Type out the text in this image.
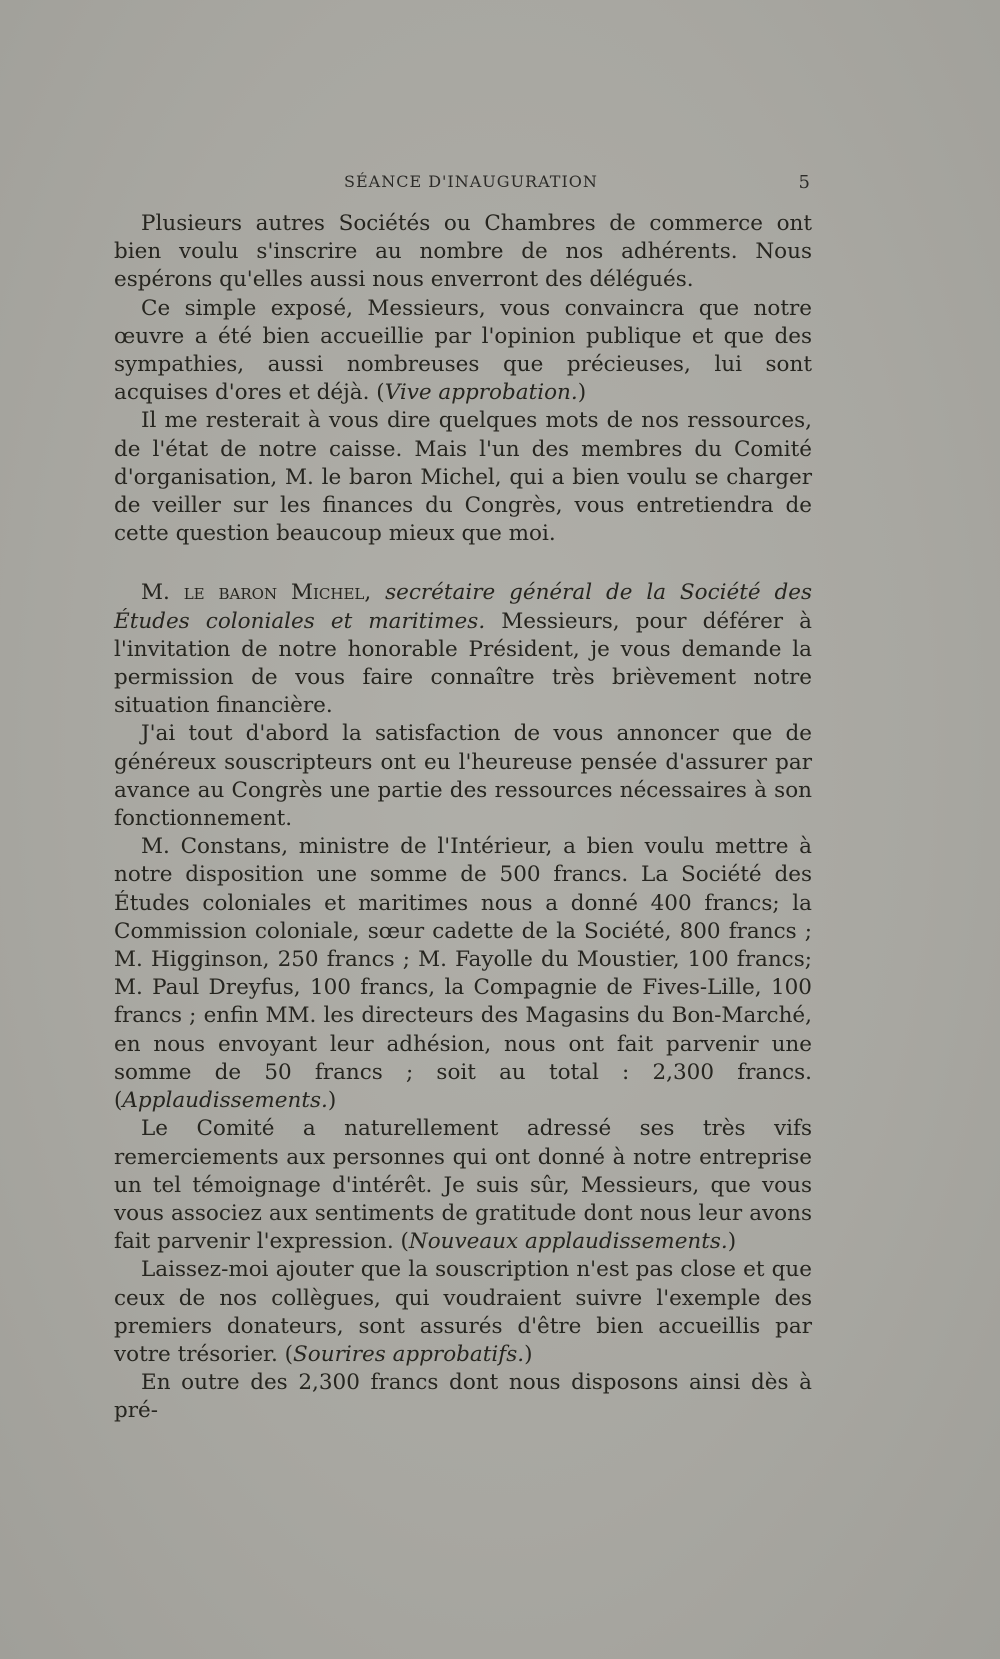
SÉANCE D'INAUGURATION	5

Plusieurs autres Sociétés ou Chambres de commerce ont bien voulu s'inscrire au nombre de nos adhérents. Nous espérons qu'elles aussi nous enverront des délégués.

Ce simple exposé, Messieurs, vous convaincra que notre œuvre a été bien accueillie par l'opinion publique et que des sympathies, aussi nombreuses que précieuses, lui sont acquises d'ores et déjà. (Vive approbation.)

Il me resterait à vous dire quelques mots de nos ressources, de l'état de notre caisse. Mais l'un des membres du Comité d'organisation, M. le baron Michel, qui a bien voulu se charger de veiller sur les finances du Congrès, vous entretiendra de cette question beaucoup mieux que moi.

M. le baron Michel, secrétaire général de la Société des Études coloniales et maritimes. Messieurs, pour déférer à l'invitation de notre honorable Président, je vous demande la permission de vous faire connaître très brièvement notre situation financière.

J'ai tout d'abord la satisfaction de vous annoncer que de généreux souscripteurs ont eu l'heureuse pensée d'assurer par avance au Congrès une partie des ressources nécessaires à son fonctionnement.

M. Constans, ministre de l'Intérieur, a bien voulu mettre à notre disposition une somme de 500 francs. La Société des Études coloniales et maritimes nous a donné 400 francs; la Commission coloniale, sœur cadette de la Société, 800 francs ; M. Higginson, 250 francs ; M. Fayolle du Moustier, 100 francs; M. Paul Dreyfus, 100 francs, la Compagnie de Fives-Lille, 100 francs ; enfin MM. les directeurs des Magasins du Bon-Marché, en nous envoyant leur adhésion, nous ont fait parvenir une somme de 50 francs ; soit au total : 2,300 francs. (Applaudissements.)

Le Comité a naturellement adressé ses très vifs remerciements aux personnes qui ont donné à notre entreprise un tel témoignage d'intérêt. Je suis sûr, Messieurs, que vous vous associez aux sentiments de gratitude dont nous leur avons fait parvenir l'expression. (Nouveaux applaudissements.)

Laissez-moi ajouter que la souscription n'est pas close et que ceux de nos collègues, qui voudraient suivre l'exemple des premiers donateurs, sont assurés d'être bien accueillis par votre trésorier. (Sourires approbatifs.)

En outre des 2,300 francs dont nous disposons ainsi dès à pré-
